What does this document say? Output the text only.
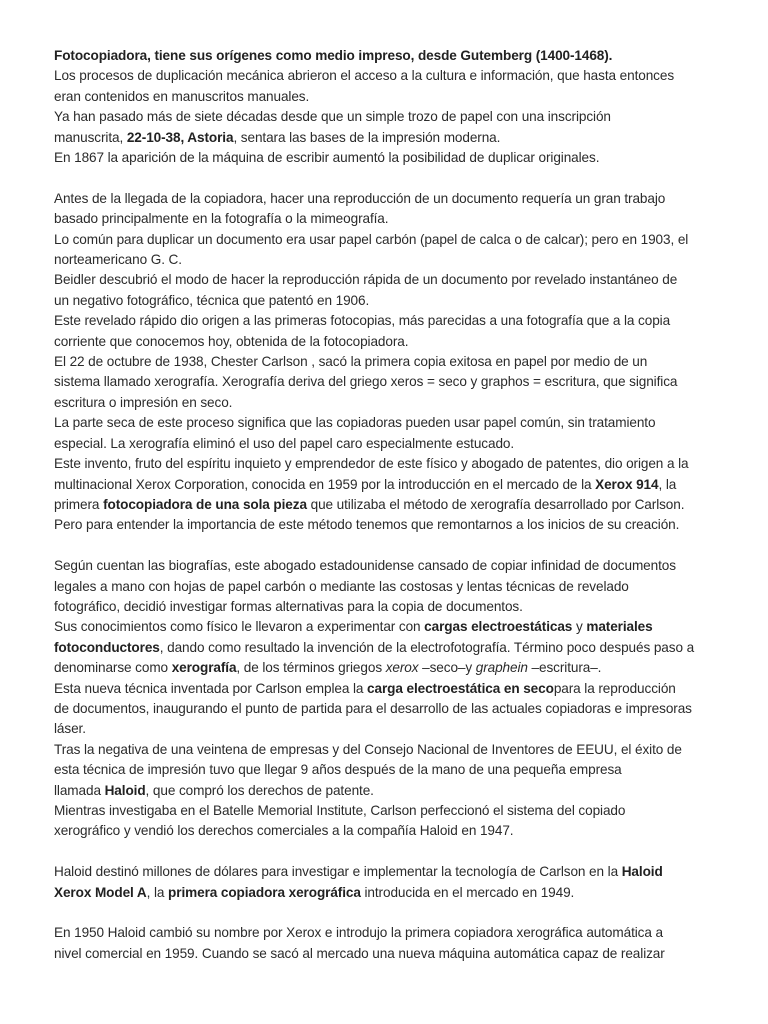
Fotocopiadora, tiene sus orígenes como medio impreso, desde Gutemberg (1400-1468).
Los procesos de duplicación mecánica abrieron el acceso a la cultura e información, que hasta entonces
eran contenidos en manuscritos manuales.
Ya han pasado más de siete décadas desde que un simple trozo de papel con una inscripción
manuscrita, 22-10-38, Astoria, sentara las bases de la impresión moderna.
En 1867 la aparición de la máquina de escribir aumentó la posibilidad de duplicar originales.
Antes de la llegada de la copiadora, hacer una reproducción de un documento requería un gran trabajo
basado principalmente en la fotografía o la mimeografía.
Lo común para duplicar un documento era usar papel carbón (papel de calca o de calcar); pero en 1903, el
norteamericano G. C.
Beidler descubrió el modo de hacer la reproducción rápida de un documento por revelado instantáneo de
un negativo fotográfico, técnica que patentó en 1906.
Este revelado rápido dio origen a las primeras fotocopias, más parecidas a una fotografía que a la copia
corriente que conocemos hoy, obtenida de la fotocopiadora.
El 22 de octubre de 1938, Chester Carlson , sacó la primera copia exitosa en papel por medio de un
sistema llamado xerografía. Xerografía deriva del griego xeros = seco y graphos = escritura, que significa
escritura o impresión en seco.
La parte seca de este proceso significa que las copiadoras pueden usar papel común, sin tratamiento
especial. La xerografía eliminó el uso del papel caro especialmente estucado.
Este invento, fruto del espíritu inquieto y emprendedor de este físico y abogado de patentes, dio origen a la
multinacional Xerox Corporation, conocida en 1959 por la introducción en el mercado de la Xerox 914, la
primera fotocopiadora de una sola pieza que utilizaba el método de xerografía desarrollado por Carlson.
Pero para entender la importancia de este método tenemos que remontarnos a los inicios de su creación.
Según cuentan las biografías, este abogado estadounidense cansado de copiar infinidad de documentos
legales a mano con hojas de papel carbón o mediante las costosas y lentas técnicas de revelado
fotográfico, decidió investigar formas alternativas para la copia de documentos.
Sus conocimientos como físico le llevaron a experimentar con cargas electroestáticas y materiales
fotoconductores, dando como resultado la invención de la electrofotografía. Término poco después paso a
denominarse como xerografía, de los términos griegos xerox –seco–y graphein –escritura–.
Esta nueva técnica inventada por Carlson emplea la carga electroestática en secopara la reproducción
de documentos, inaugurando el punto de partida para el desarrollo de las actuales copiadoras e impresoras
láser.
Tras la negativa de una veintena de empresas y del Consejo Nacional de Inventores de EEUU, el éxito de
esta técnica de impresión tuvo que llegar 9 años después de la mano de una pequeña empresa
llamada Haloid, que compró los derechos de patente.
Mientras investigaba en el Batelle Memorial Institute, Carlson perfeccionó el sistema del copiado
xerográfico y vendió los derechos comerciales a la compañía Haloid en 1947.
Haloid destinó millones de dólares para investigar e implementar la tecnología de Carlson en la Haloid
Xerox Model A, la primera copiadora xerográfica introducida en el mercado en 1949.
En 1950 Haloid cambió su nombre por Xerox e introdujo la primera copiadora xerográfica automática a
nivel comercial en 1959. Cuando se sacó al mercado una nueva máquina automática capaz de realizar
